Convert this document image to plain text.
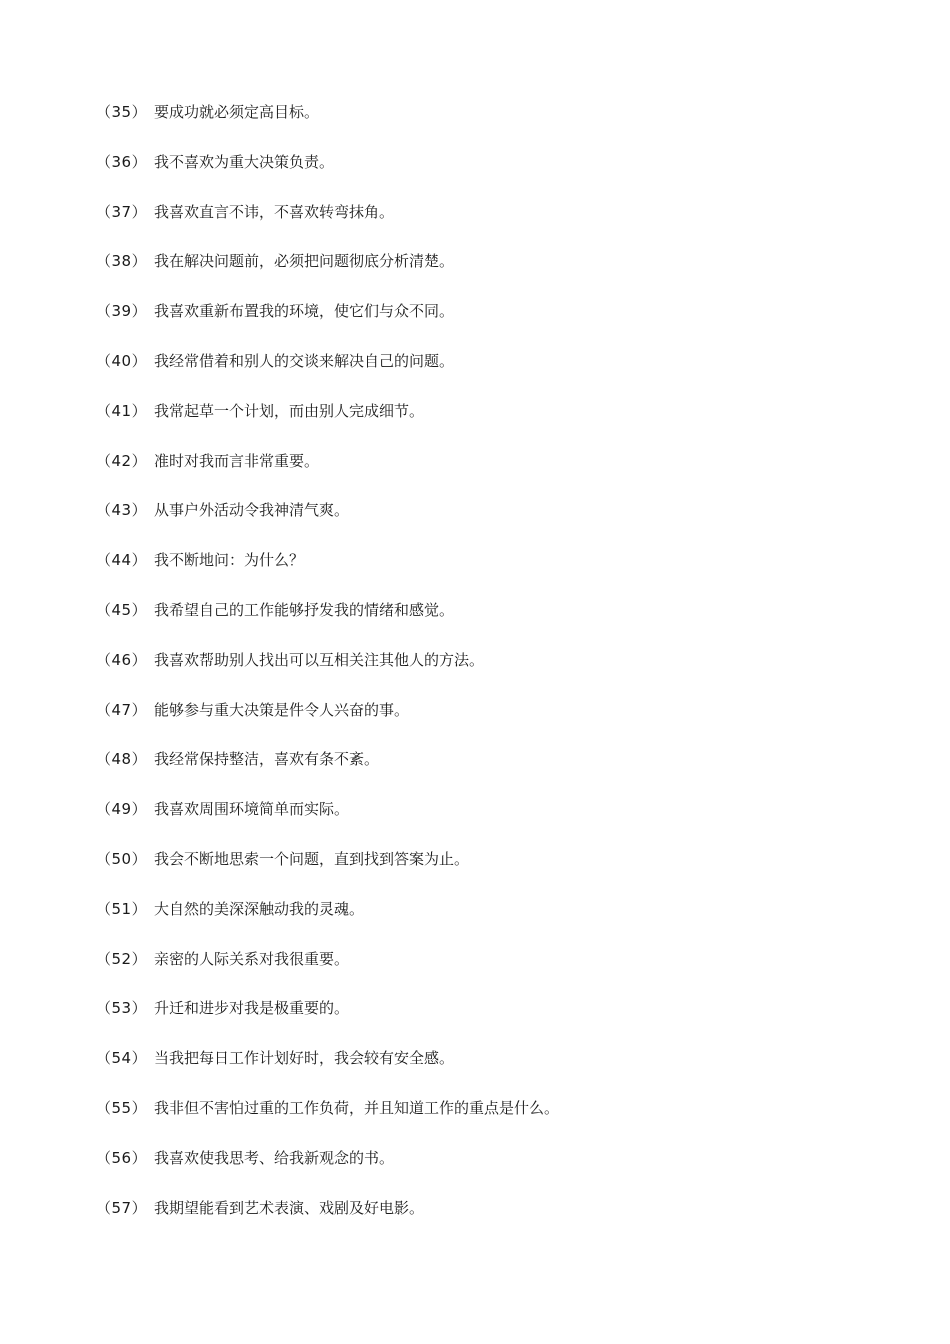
（35） 要成功就必须定高目标。
（36） 我不喜欢为重大决策负责。
（37） 我喜欢直言不讳，不喜欢转弯抹角。
（38） 我在解决问题前，必须把问题彻底分析清楚。
（39） 我喜欢重新布置我的环境，使它们与众不同。
（40） 我经常借着和别人的交谈来解决自己的问题。
（41） 我常起草一个计划，而由别人完成细节。
（42） 准时对我而言非常重要。
（43） 从事户外活动令我神清气爽。
（44） 我不断地问：为什么？
（45） 我希望自己的工作能够抒发我的情绪和感觉。
（46） 我喜欢帮助别人找出可以互相关注其他人的方法。
（47） 能够参与重大决策是件令人兴奋的事。
（48） 我经常保持整洁，喜欢有条不紊。
（49） 我喜欢周围环境简单而实际。
（50） 我会不断地思索一个问题，直到找到答案为止。
（51） 大自然的美深深触动我的灵魂。
（52） 亲密的人际关系对我很重要。
（53） 升迁和进步对我是极重要的。
（54） 当我把每日工作计划好时，我会较有安全感。
（55） 我非但不害怕过重的工作负荷，并且知道工作的重点是什么。
（56） 我喜欢使我思考、给我新观念的书。
（57） 我期望能看到艺术表演、戏剧及好电影。
